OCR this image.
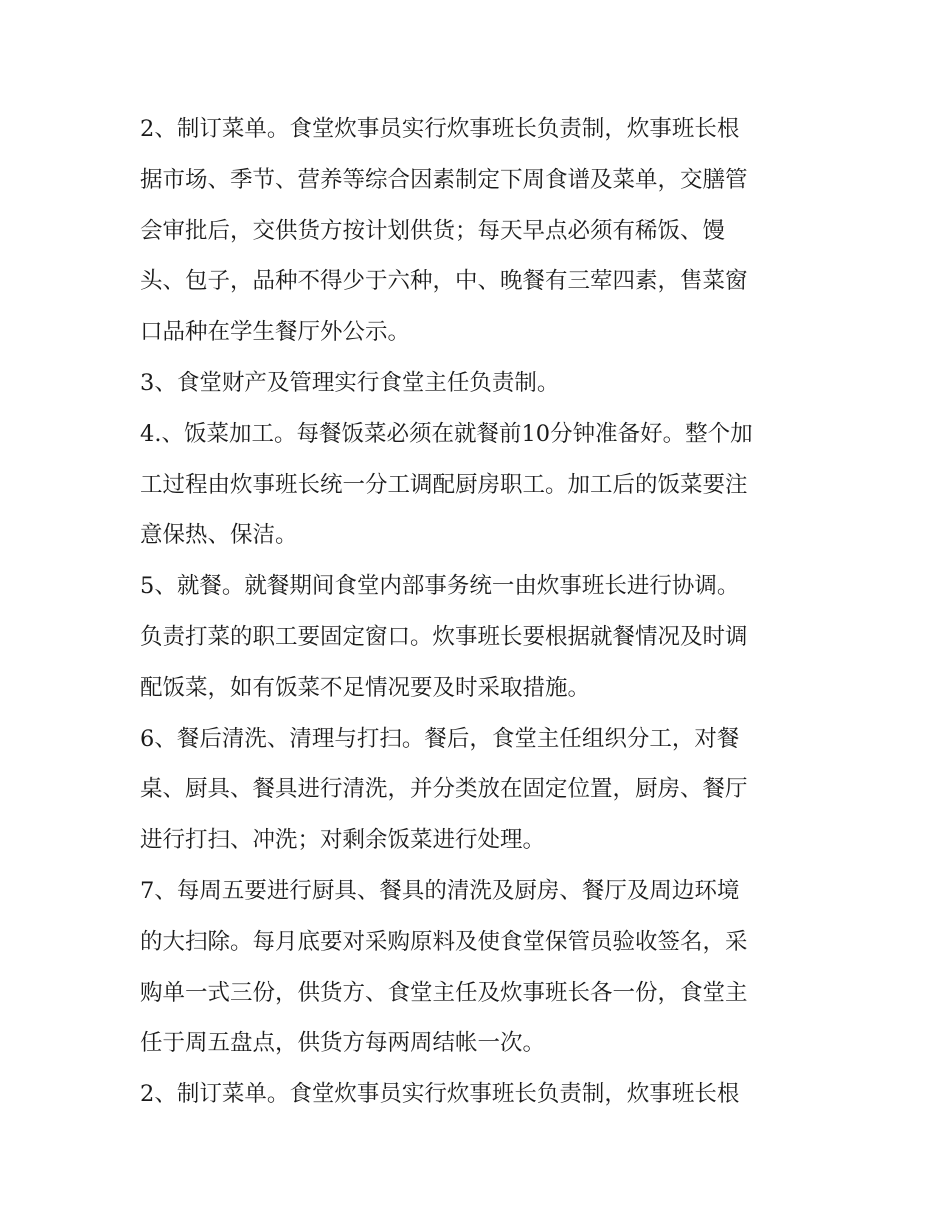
2、制订菜单。食堂炊事员实行炊事班长负责制，炊事班长根
据市场、季节、营养等综合因素制定下周食谱及菜单，交膳管
会审批后，交供货方按计划供货；每天早点必须有稀饭、馒
头、包子，品种不得少于六种，中、晚餐有三荤四素，售菜窗
口品种在学生餐厅外公示。
3、食堂财产及管理实行食堂主任负责制。
4.、饭菜加工。每餐饭菜必须在就餐前10分钟准备好。整个加
工过程由炊事班长统一分工调配厨房职工。加工后的饭菜要注
意保热、保洁。
5、就餐。就餐期间食堂内部事务统一由炊事班长进行协调。
负责打菜的职工要固定窗口。炊事班长要根据就餐情况及时调
配饭菜，如有饭菜不足情况要及时采取措施。
6、餐后清洗、清理与打扫。餐后，食堂主任组织分工，对餐
桌、厨具、餐具进行清洗，并分类放在固定位置，厨房、餐厅
进行打扫、冲洗；对剩余饭菜进行处理。
7、每周五要进行厨具、餐具的清洗及厨房、餐厅及周边环境
的大扫除。每月底要对采购原料及使食堂保管员验收签名，采
购单一式三份，供货方、食堂主任及炊事班长各一份，食堂主
任于周五盘点，供货方每两周结帐一次。
2、制订菜单。食堂炊事员实行炊事班长负责制，炊事班长根
